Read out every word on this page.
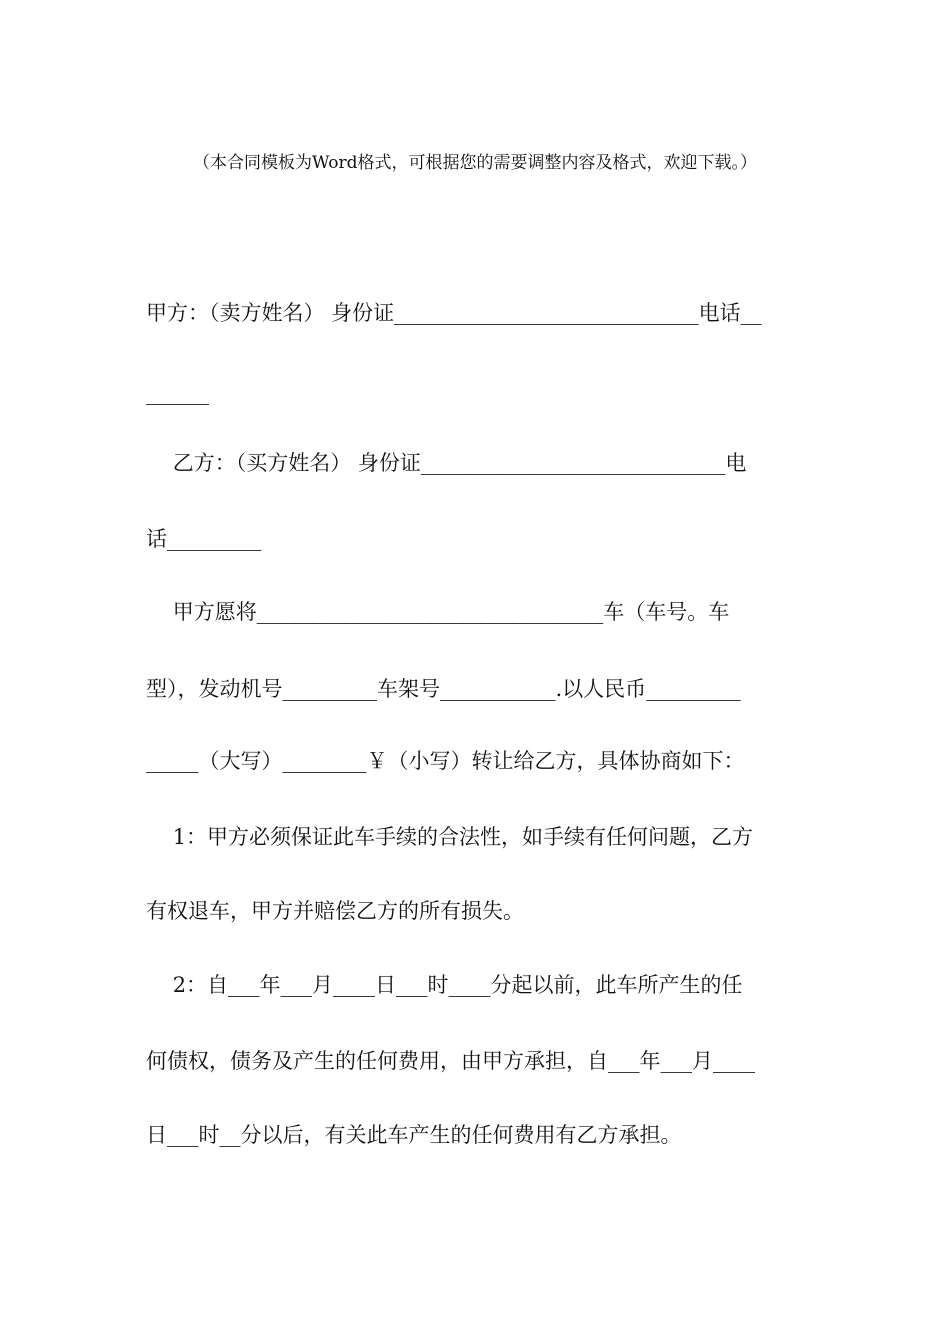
（本合同模板为Word格式，可根据您的需要调整内容及格式，欢迎下载。）
甲方：（卖方姓名） 身份证_____________________________电话__
______
乙方：（买方姓名） 身份证_____________________________电
话_________
甲方愿将_________________________________车（车号。车
型），发动机号_________车架号___________.以人民币_________
_____（大写）________￥（小写）转让给乙方，具体协商如下：
1：甲方必须保证此车手续的合法性，如手续有任何问题，乙方
有权退车，甲方并赔偿乙方的所有损失。
2：自___年___月____日___时____分起以前，此车所产生的任
何债权，债务及产生的任何费用，由甲方承担，自___年___月____
日___时__分以后，有关此车产生的任何费用有乙方承担。
